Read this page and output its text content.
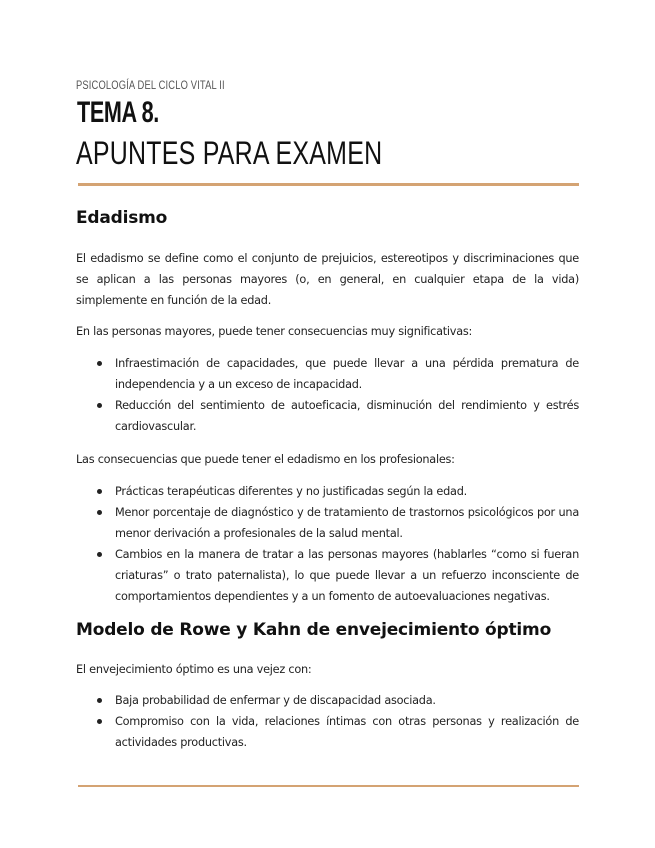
PSICOLOGÍA DEL CICLO VITAL II
TEMA 8.
APUNTES PARA EXAMEN
Edadismo

El edadismo se define como el conjunto de prejuicios, estereotipos y discriminaciones que se aplican a las personas mayores (o, en general, en cualquier etapa de la vida) simplemente en función de la edad.

En las personas mayores, puede tener consecuencias muy significativas:

Infraestimación de capacidades, que puede llevar a una pérdida prematura de independencia y a un exceso de incapacidad.
Reducción del sentimiento de autoeficacia, disminución del rendimiento y estrés cardiovascular.

Las consecuencias que puede tener el edadismo en los profesionales:

Prácticas terapéuticas diferentes y no justificadas según la edad.
Menor porcentaje de diagnóstico y de tratamiento de trastornos psicológicos por una menor derivación a profesionales de la salud mental.
Cambios en la manera de tratar a las personas mayores (hablarles “como si fueran criaturas” o trato paternalista), lo que puede llevar a un refuerzo inconsciente de comportamientos dependientes y a un fomento de autoevaluaciones negativas.
Modelo de Rowe y Kahn de envejecimiento óptimo

El envejecimiento óptimo es una vejez con:

Baja probabilidad de enfermar y de discapacidad asociada.
Compromiso con la vida, relaciones íntimas con otras personas y realización de actividades productivas.
